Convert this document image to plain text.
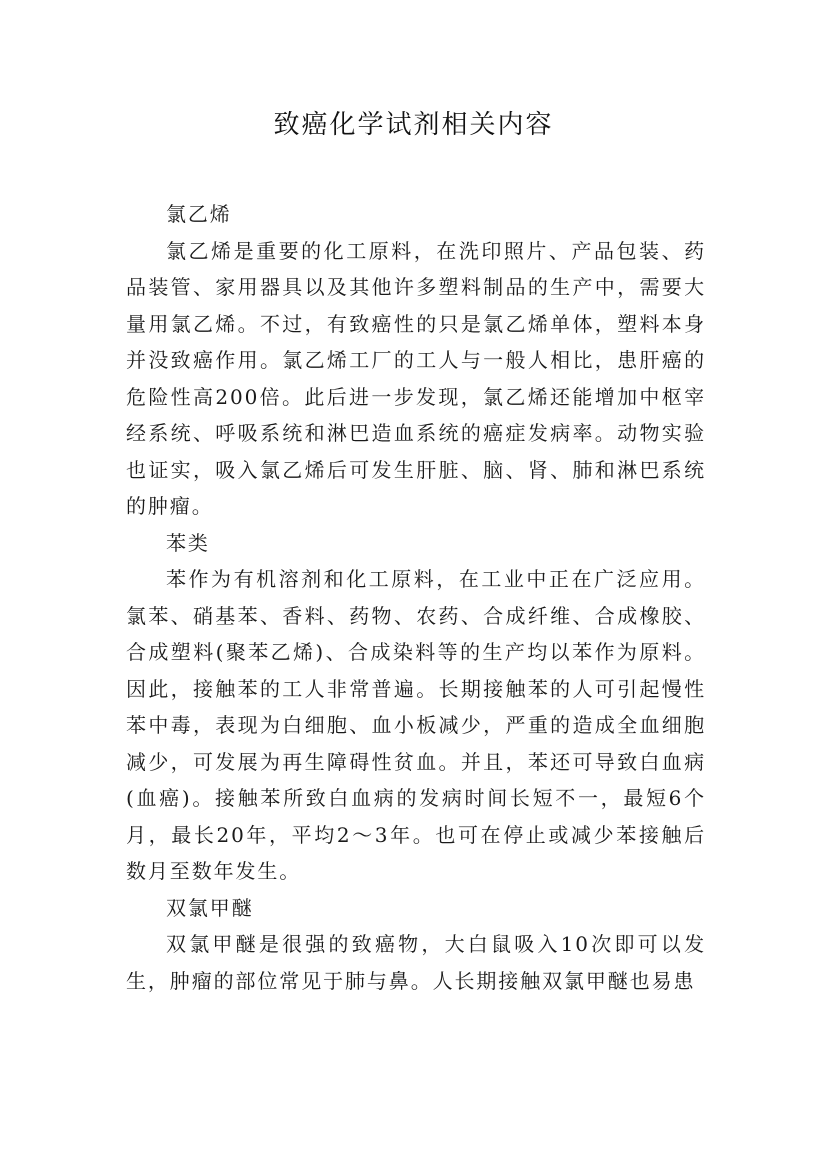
致癌化学试剂相关内容

氯乙烯

氯乙烯是重要的化工原料，在洗印照片、产品包装、药品装管、家用器具以及其他许多塑料制品的生产中，需要大量用氯乙烯。不过，有致癌性的只是氯乙烯单体，塑料本身并没致癌作用。氯乙烯工厂的工人与一般人相比，患肝癌的危险性高200倍。此后进一步发现，氯乙烯还能增加中枢宰经系统、呼吸系统和淋巴造血系统的癌症发病率。动物实验也证实，吸入氯乙烯后可发生肝脏、脑、肾、肺和淋巴系统的肿瘤。

苯类

苯作为有机溶剂和化工原料，在工业中正在广泛应用。氯苯、硝基苯、香料、药物、农药、合成纤维、合成橡胶、合成塑料(聚苯乙烯)、合成染料等的生产均以苯作为原料。因此，接触苯的工人非常普遍。长期接触苯的人可引起慢性苯中毒，表现为白细胞、血小板减少，严重的造成全血细胞减少，可发展为再生障碍性贫血。并且，苯还可导致白血病(血癌)。接触苯所致白血病的发病时间长短不一，最短6个月，最长20年，平均2～3年。也可在停止或减少苯接触后数月至数年发生。

双氯甲醚

双氯甲醚是很强的致癌物，大白鼠吸入10次即可以发生，肿瘤的部位常见于肺与鼻。人长期接触双氯甲醚也易患
